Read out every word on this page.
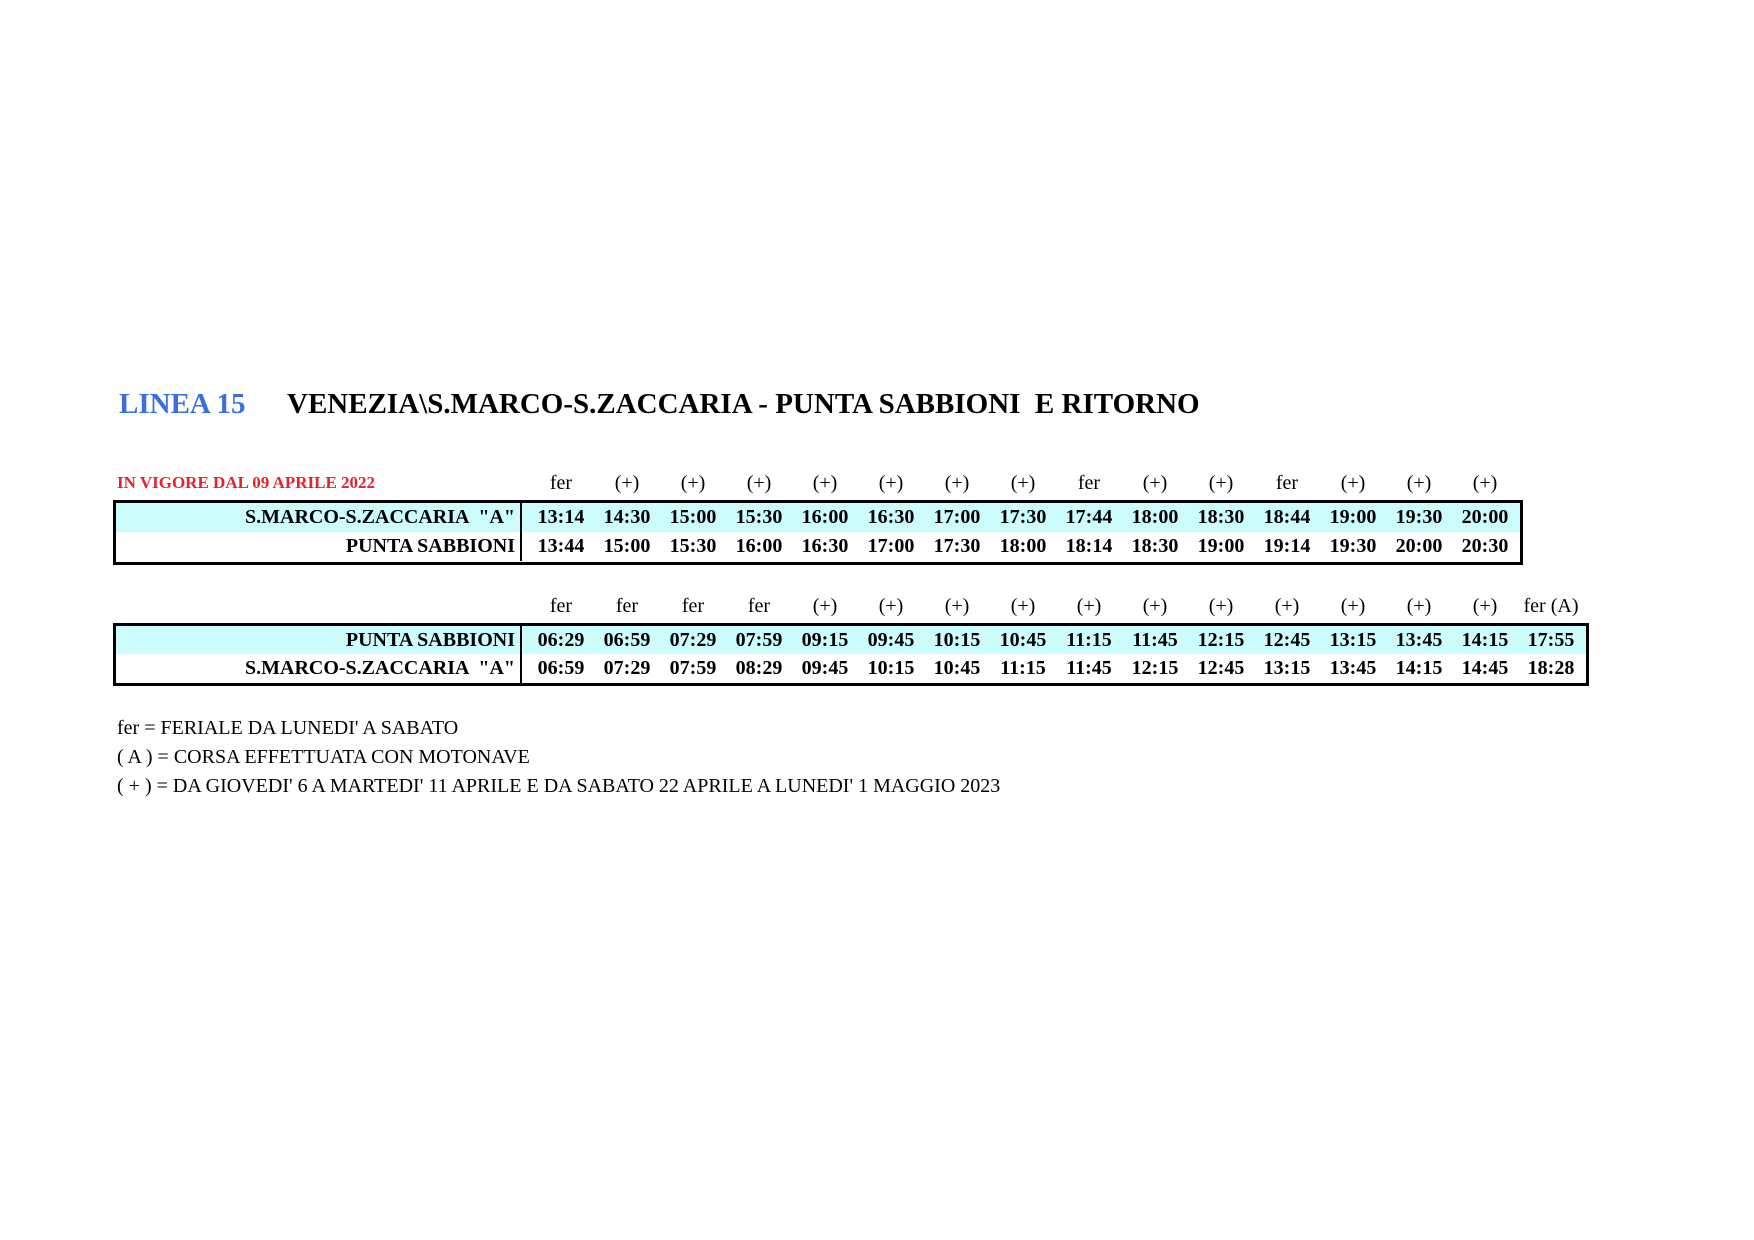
LINEA 15 VENEZIA\S.MARCO-S.ZACCARIA - PUNTA SABBIONI  E RITORNO
IN VIGORE DAL 09 APRILE 2022	fer	(+)	(+)	(+)	(+)	(+)	(+)	(+)	fer	(+)	(+)	fer	(+)	(+)	(+)
S.MARCO-S.ZACCARIA  "A"	13:14 14:30 15:00 15:30 16:00 16:30 17:00 17:30 17:44 18:00 18:30 18:44 19:00 19:30 20:00
PUNTA SABBIONI	13:44 15:00 15:30 16:00 16:30 17:00 17:30 18:00 18:14 18:30 19:00 19:14 19:30 20:00 20:30
fer	fer	fer	fer	(+)	(+)	(+)	(+)	(+)	(+)	(+)	(+)	(+)	(+)	(+)	fer (A)
PUNTA SABBIONI	06:29 06:59 07:29 07:59 09:15 09:45 10:15 10:45 11:15	11:45 12:15 12:45 13:15 13:45 14:15 17:55
S.MARCO-S.ZACCARIA  "A"	06:59 07:29 07:59 08:29 09:45 10:15 10:45 11:15	11:45 12:15 12:45 13:15 13:45 14:15 14:45 18:28
fer = FERIALE DA LUNEDI' A SABATO
( A ) = CORSA EFFETTUATA CON MOTONAVE
( + ) = DA GIOVEDI' 6 A MARTEDI' 11 APRILE E DA SABATO 22 APRILE A LUNEDI' 1 MAGGIO 2023
